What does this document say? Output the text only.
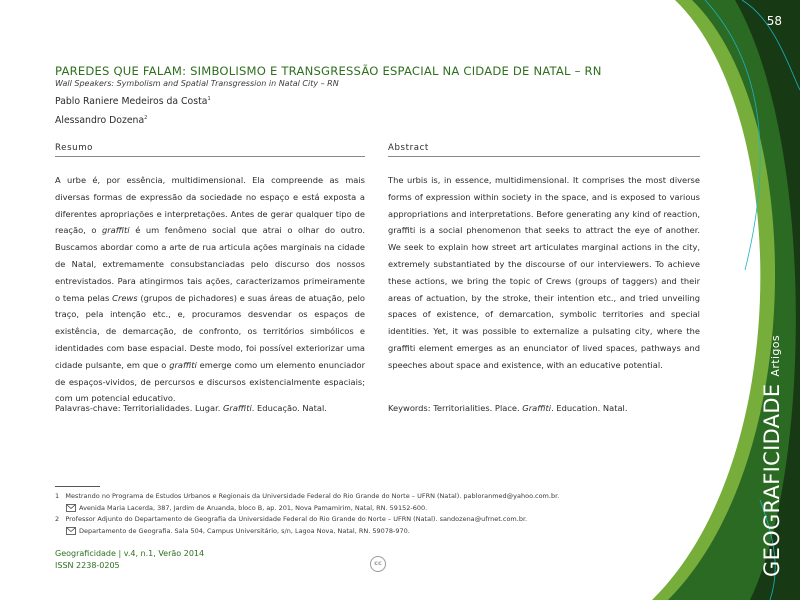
58
PAREDES QUE FALAM: SIMBOLISMO E TRANSGRESSÃO ESPACIAL NA CIDADE DE NATAL – RN
Wall Speakers: Symbolism and Spatial Transgression in Natal City – RN
Pablo Raniere Medeiros da Costa$^1$
Alessandro Dozena$^2$
Resumo	Abstract

A urbe é, por essência, multidimensional. Ela compreende as mais diversas formas de expressão da sociedade no espaço e está exposta a diferentes apropriações e interpretações. Antes de gerar qualquer tipo de reação, o graffiti é um fenômeno social que atrai o olhar do outro. Buscamos abordar como a arte de rua articula ações marginais na cidade de Natal, extremamente consubstanciadas pelo discurso dos nossos entrevistados. Para atingirmos tais ações, caracterizamos primeiramente o tema pelas Crews (grupos de pichadores) e suas áreas de atuação, pelo traço, pela intenção etc., e, procuramos desvendar os espaços de existência, de demarcação, de confronto, os territórios simbólicos e identidades com base espacial. Deste modo, foi possível exteriorizar uma cidade pulsante, em que o graffiti emerge como um elemento enunciador de espaços-vividos, de percursos e discursos existencialmente espaciais; com um potencial educativo.

The urbis is, in essence, multidimensional. It comprises the most diverse forms of expression within society in the space, and is exposed to various appropriations and interpretations. Before generating any kind of reaction, graffiti is a social phenomenon that seeks to attract the eye of another. We seek to explain how street art articulates marginal actions in the city, extremely substantiated by the discourse of our interviewers. To achieve these actions, we bring the topic of Crews (groups of taggers) and their areas of actuation, by the stroke, their intention etc., and tried unveiling spaces of existence, of demarcation, symbolic territories and special identities. Yet, it was possible to externalize a pulsating city, where the graffiti element emerges as an enunciator of lived spaces, pathways and speeches about space and existence, with an educative potential.

Palavras-chave: Territorialidades. Lugar. Graffiti. Educação. Natal.	Keywords: Territorialities. Place. Graffiti. Education. Natal.
1 Mestrando no Programa de Estudos Urbanos e Regionais da Universidade Federal do Rio Grande do Norte – UFRN (Natal). pabloranmed@yahoo.com.br.
Avenida Maria Lacerda, 387, Jardim de Aruanda, bloco B, ap. 201, Nova Pamamirim, Natal, RN. 59152-600.
2 Professor Adjunto do Departamento de Geografia da Universidade Federal do Rio Grande do Norte – UFRN (Natal). sandozena@ufrnet.com.br.
Departamento de Geografia. Sala 504, Campus Universitário, s/n, Lagoa Nova, Natal, RN. 59078-970.
Geograficidade | v.4, n.1, Verão 2014
ISSN 2238-0205	cc	GEOGRAFICIDADEArtigos
